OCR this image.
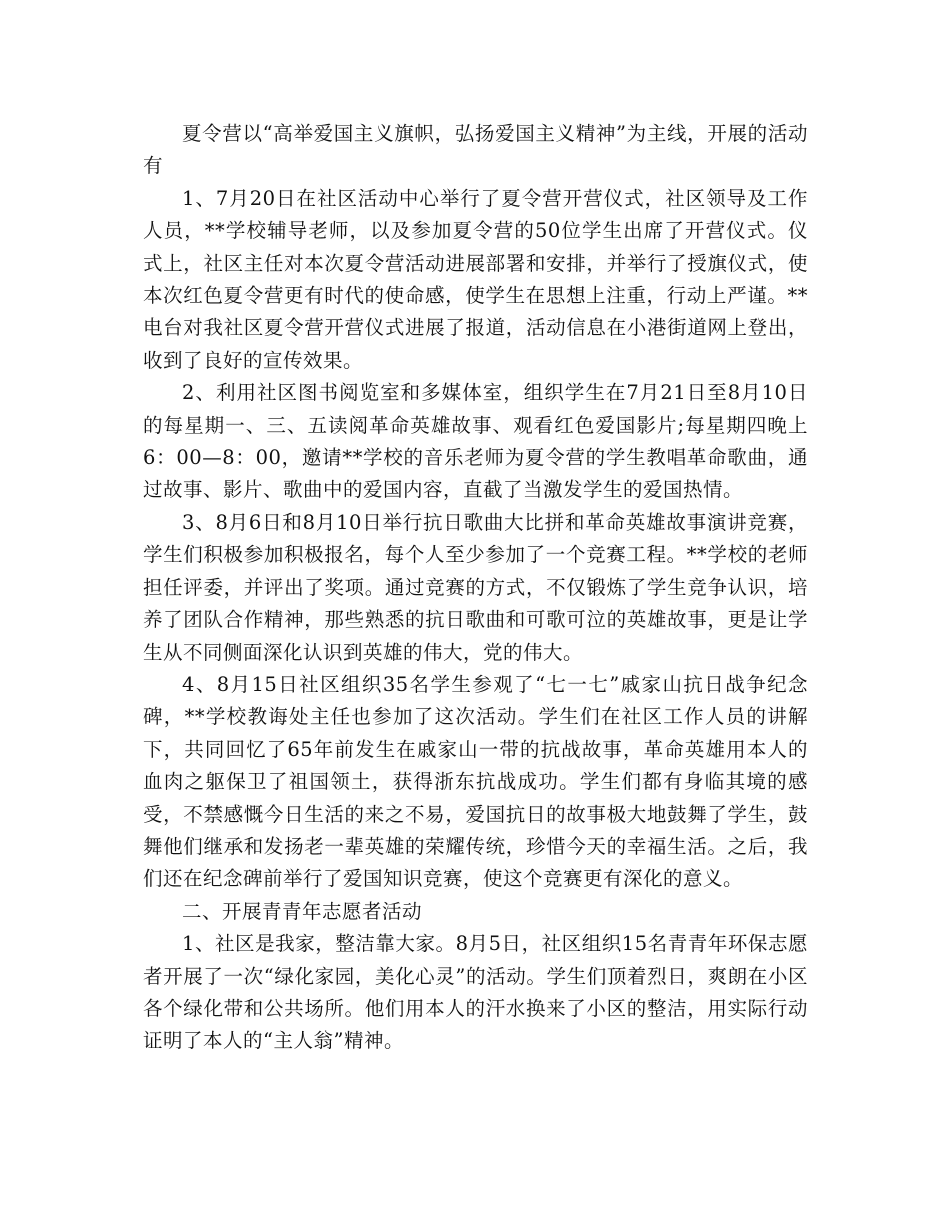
夏令营以“高举爱国主义旗帜，弘扬爱国主义精神”为主线，开展的活动有

1、7月20日在社区活动中心举行了夏令营开营仪式，社区领导及工作人员，**学校辅导老师，以及参加夏令营的50位学生出席了开营仪式。仪式上，社区主任对本次夏令营活动进展部署和安排，并举行了授旗仪式，使本次红色夏令营更有时代的使命感，使学生在思想上注重，行动上严谨。**电台对我社区夏令营开营仪式进展了报道，活动信息在小港街道网上登出，收到了良好的宣传效果。

2、利用社区图书阅览室和多媒体室，组织学生在7月21日至8月10日的每星期一、三、五读阅革命英雄故事、观看红色爱国影片;每星期四晚上6：00—8：00，邀请**学校的音乐老师为夏令营的学生教唱革命歌曲，通过故事、影片、歌曲中的爱国内容，直截了当激发学生的爱国热情。

3、8月6日和8月10日举行抗日歌曲大比拼和革命英雄故事演讲竞赛，学生们积极参加积极报名，每个人至少参加了一个竞赛工程。**学校的老师担任评委，并评出了奖项。通过竞赛的方式，不仅锻炼了学生竞争认识，培养了团队合作精神，那些熟悉的抗日歌曲和可歌可泣的英雄故事，更是让学生从不同侧面深化认识到英雄的伟大，党的伟大。

4、8月15日社区组织35名学生参观了“七一七”戚家山抗日战争纪念碑，**学校教诲处主任也参加了这次活动。学生们在社区工作人员的讲解下，共同回忆了65年前发生在戚家山一带的抗战故事，革命英雄用本人的血肉之躯保卫了祖国领土，获得浙东抗战成功。学生们都有身临其境的感受，不禁感慨今日生活的来之不易，爱国抗日的故事极大地鼓舞了学生，鼓舞他们继承和发扬老一辈英雄的荣耀传统，珍惜今天的幸福生活。之后，我们还在纪念碑前举行了爱国知识竞赛，使这个竞赛更有深化的意义。

二、开展青青年志愿者活动

1、社区是我家，整洁靠大家。8月5日，社区组织15名青青年环保志愿者开展了一次“绿化家园，美化心灵”的活动。学生们顶着烈日，爽朗在小区各个绿化带和公共场所。他们用本人的汗水换来了小区的整洁，用实际行动证明了本人的“主人翁”精神。
